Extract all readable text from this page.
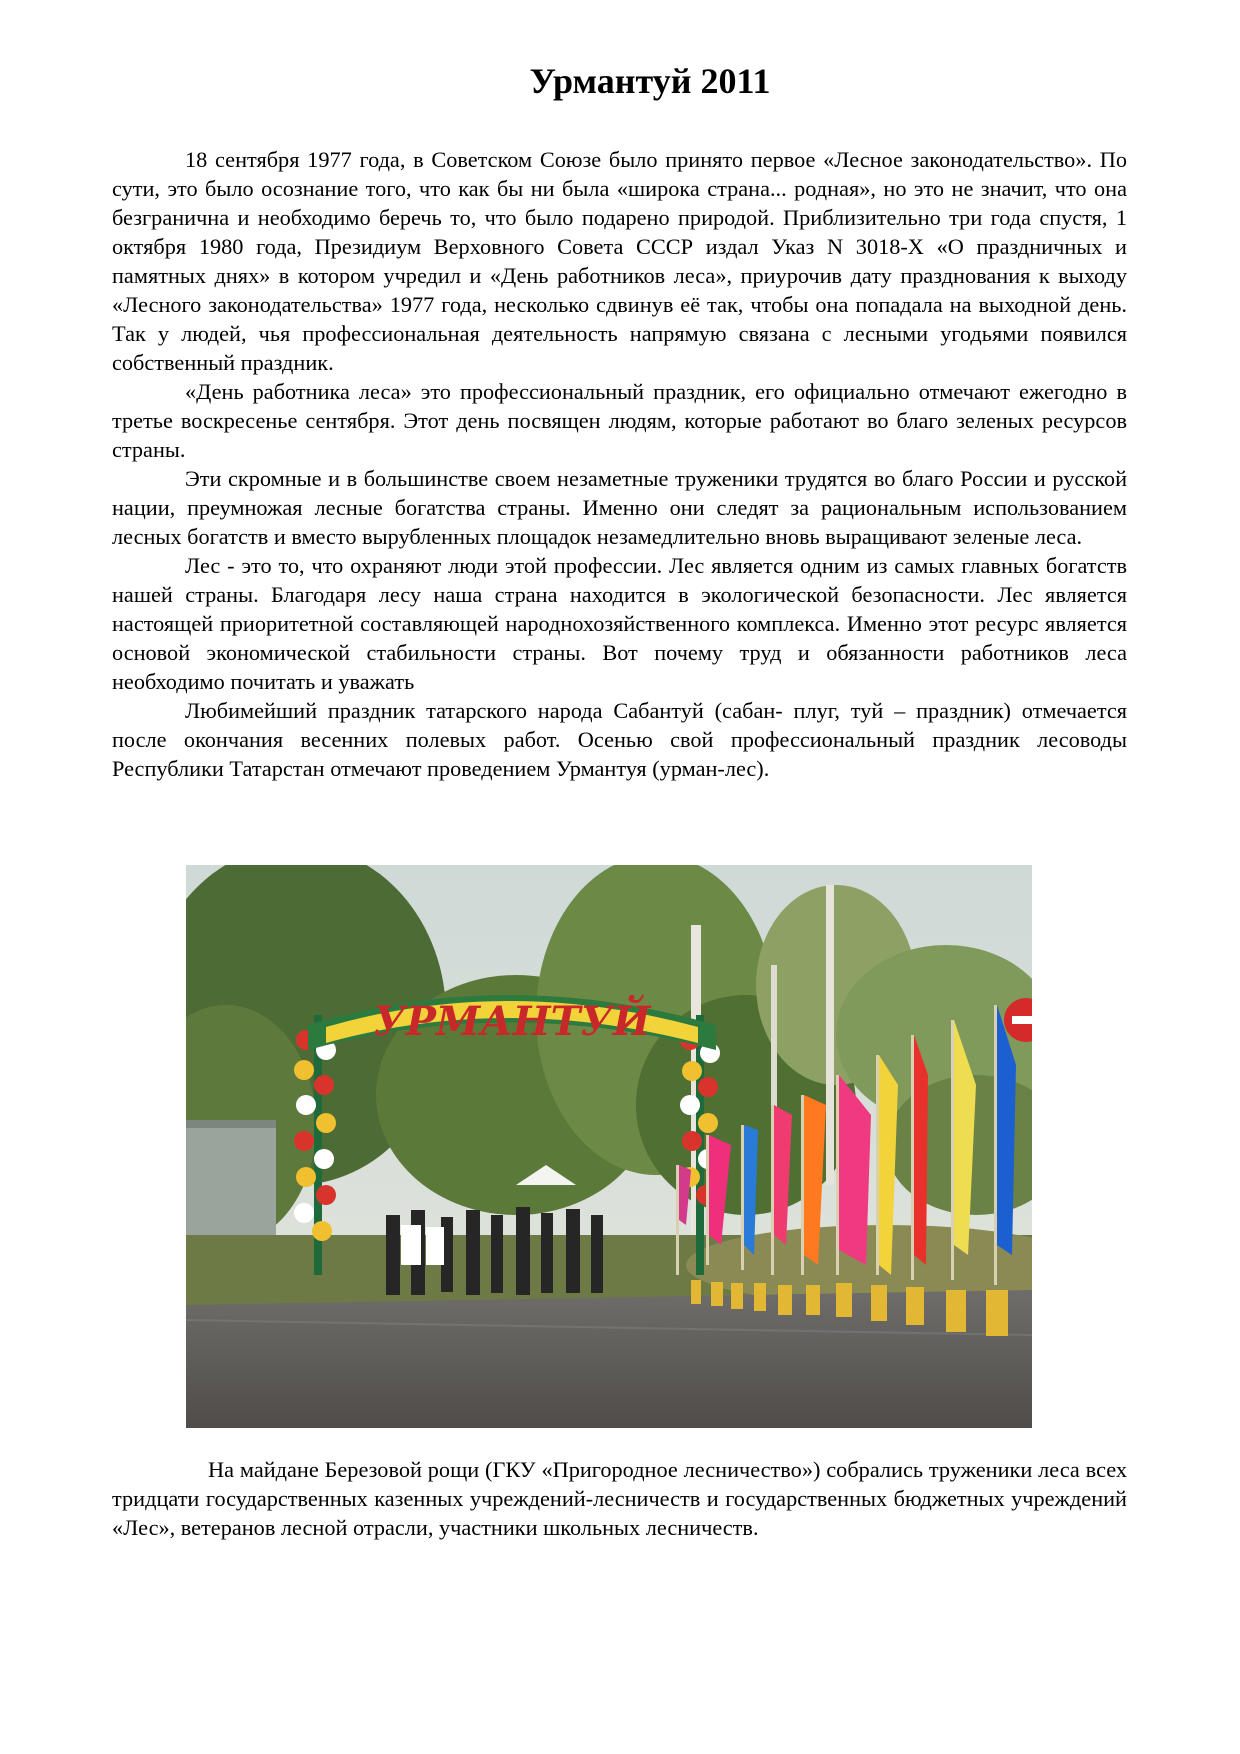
Урмантуй 2011

18 сентября 1977 года, в Советском Союзе было принято первое «Лесное законодательство». По сути, это было осознание того, что как бы ни была «широка страна... родная», но это не значит, что она безгранична и необходимо беречь то, что было подарено природой. Приблизительно три года спустя, 1 октября 1980 года, Президиум Верховного Совета СССР издал Указ N 3018-X «О праздничных и памятных днях» в котором учредил и «День работников леса», приурочив дату празднования к выходу «Лесного законодательства» 1977 года, несколько сдвинув её так, чтобы она попадала на выходной день. Так у людей, чья профессиональная деятельность напрямую связана с лесными угодьями появился собственный праздник.

«День работника леса» это профессиональный праздник, его официально отмечают ежегодно в третье воскресенье сентября. Этот день посвящен людям, которые работают во благо зеленых ресурсов страны.

Эти скромные и в большинстве своем незаметные труженики трудятся во благо России и русской нации, преумножая лесные богатства страны. Именно они следят за рациональным использованием лесных богатств и вместо вырубленных площадок незамедлительно вновь выращивают зеленые леса.

Лес - это то, что охраняют люди этой профессии. Лес является одним из самых главных богатств нашей страны. Благодаря лесу наша страна находится в экологической безопасности. Лес является настоящей приоритетной составляющей народнохозяйственного комплекса. Именно этот ресурс является основой экономической стабильности страны. Вот почему труд и обязанности работников леса необходимо почитать и уважать

Любимейший праздник татарского народа Сабантуй (сабан- плуг, туй – праздник) отмечается после окончания весенних полевых работ. Осенью свой профессиональный праздник лесоводы Республики Татарстан отмечают проведением Урмантуя (урман-лес).

УРМАНТУЙ

На майдане Березовой рощи (ГКУ «Пригородное лесничество») собрались труженики леса всех тридцати государственных казенных учреждений-лесничеств и государственных бюджетных учреждений «Лес», ветеранов лесной отрасли, участники школьных лесничеств.
